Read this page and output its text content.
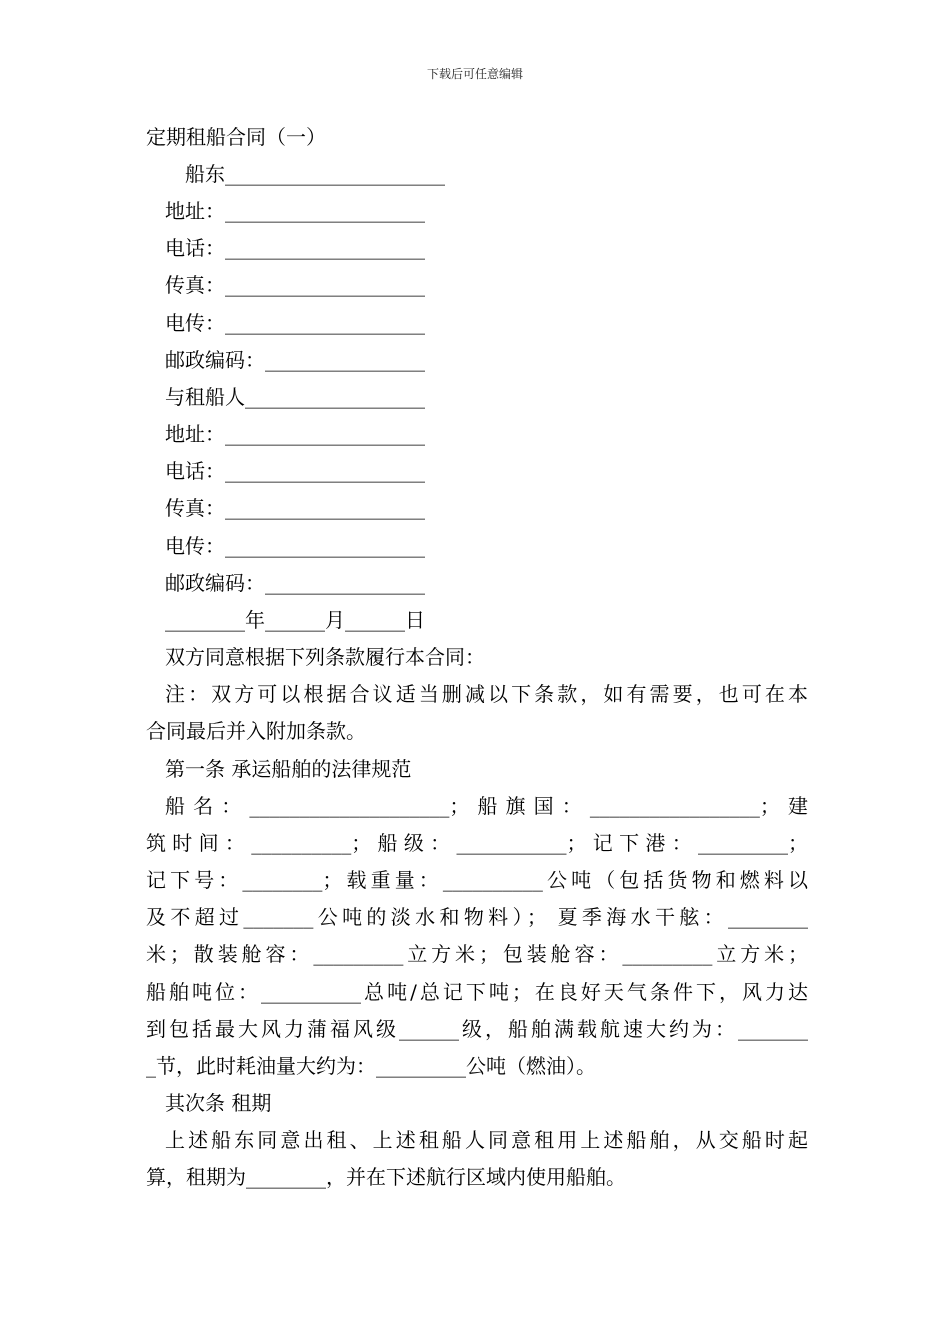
下载后可任意编辑
定期租船合同（一）
船东______________________
地址：____________________
电话：____________________
传真：____________________
电传：____________________
邮政编码：________________
与租船人__________________
地址：____________________
电话：____________________
传真：____________________
电传：____________________
邮政编码：________________
________年______月______日
双方同意根据下列条款履行本合同：
注：双方可以根据合议适当删减以下条款，如有需要，也可在本
合同最后并入附加条款。
第一条 承运船舶的法律规范
船名：____________________；船旗国：_________________；建
筑时间：__________；船级：___________；记下港：_________；
记下号：________；载重量：__________公吨（包括货物和燃料以
及不超过_______公吨的淡水和物料）； 夏季海水干舷：________
米；散装舱容：_________立方米；包装舱容：_________立方米；
船舶吨位：__________总吨/总记下吨；在良好天气条件下，风力达
到包括最大风力蒲福风级______级，船舶满载航速大约为：_______
_节，此时耗油量大约为：_________公吨（燃油）。
其次条 租期
上述船东同意出租、上述租船人同意租用上述船舶，从交船时起
算，租期为________，并在下述航行区域内使用船舶。
